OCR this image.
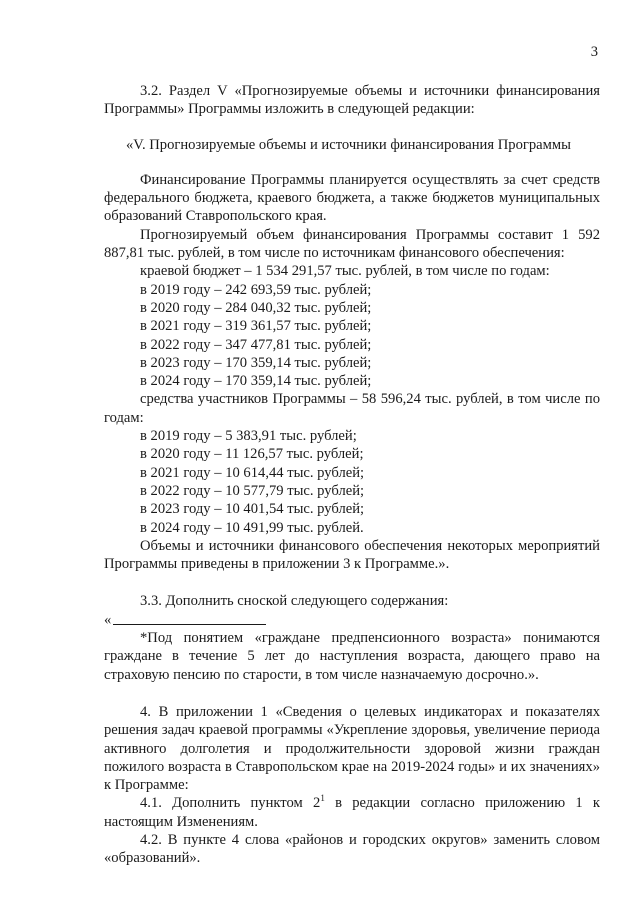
3

3.2. Раздел V «Прогнозируемые объемы и источники финансирования Программы» Программы изложить в следующей редакции:

«V. Прогнозируемые объемы и источники финансирования Программы

Финансирование Программы планируется осуществлять за счет средств федерального бюджета, краевого бюджета, а также бюджетов муниципальных образований Ставропольского края.

Прогнозируемый объем финансирования Программы составит 1 592 887,81 тыс. рублей, в том числе по источникам финансового обеспечения:

краевой бюджет – 1 534 291,57 тыс. рублей, в том числе по годам:

в 2019 году – 242 693,59 тыс. рублей;

в 2020 году – 284 040,32 тыс. рублей;

в 2021 году – 319 361,57 тыс. рублей;

в 2022 году – 347 477,81 тыс. рублей;

в 2023 году – 170 359,14 тыс. рублей;

в 2024 году – 170 359,14 тыс. рублей;

средства участников Программы – 58 596,24 тыс. рублей, в том числе по годам:

в 2019 году – 5 383,91 тыс. рублей;

в 2020 году – 11 126,57 тыс. рублей;

в 2021 году – 10 614,44 тыс. рублей;

в 2022 году – 10 577,79 тыс. рублей;

в 2023 году – 10 401,54 тыс. рублей;

в 2024 году – 10 491,99 тыс. рублей.

Объемы и источники финансового обеспечения некоторых мероприятий Программы приведены в приложении 3 к Программе.».

3.3. Дополнить сноской следующего содержания:

«

*Под понятием «граждане предпенсионного возраста» понимаются граждане в течение 5 лет до наступления возраста, дающего право на страховую пенсию по старости, в том числе назначаемую досрочно.».

4. В приложении 1 «Сведения о целевых индикаторах и показателях решения задач краевой программы «Укрепление здоровья, увеличение периода активного долголетия и продолжительности здоровой жизни граждан пожилого возраста в Ставропольском крае на 2019-2024 годы» и их значениях» к Программе:

4.1. Дополнить пунктом $2^1$ в редакции согласно приложению 1 к настоящим Изменениям.

4.2. В пункте 4 слова «районов и городских округов» заменить словом «образований».
